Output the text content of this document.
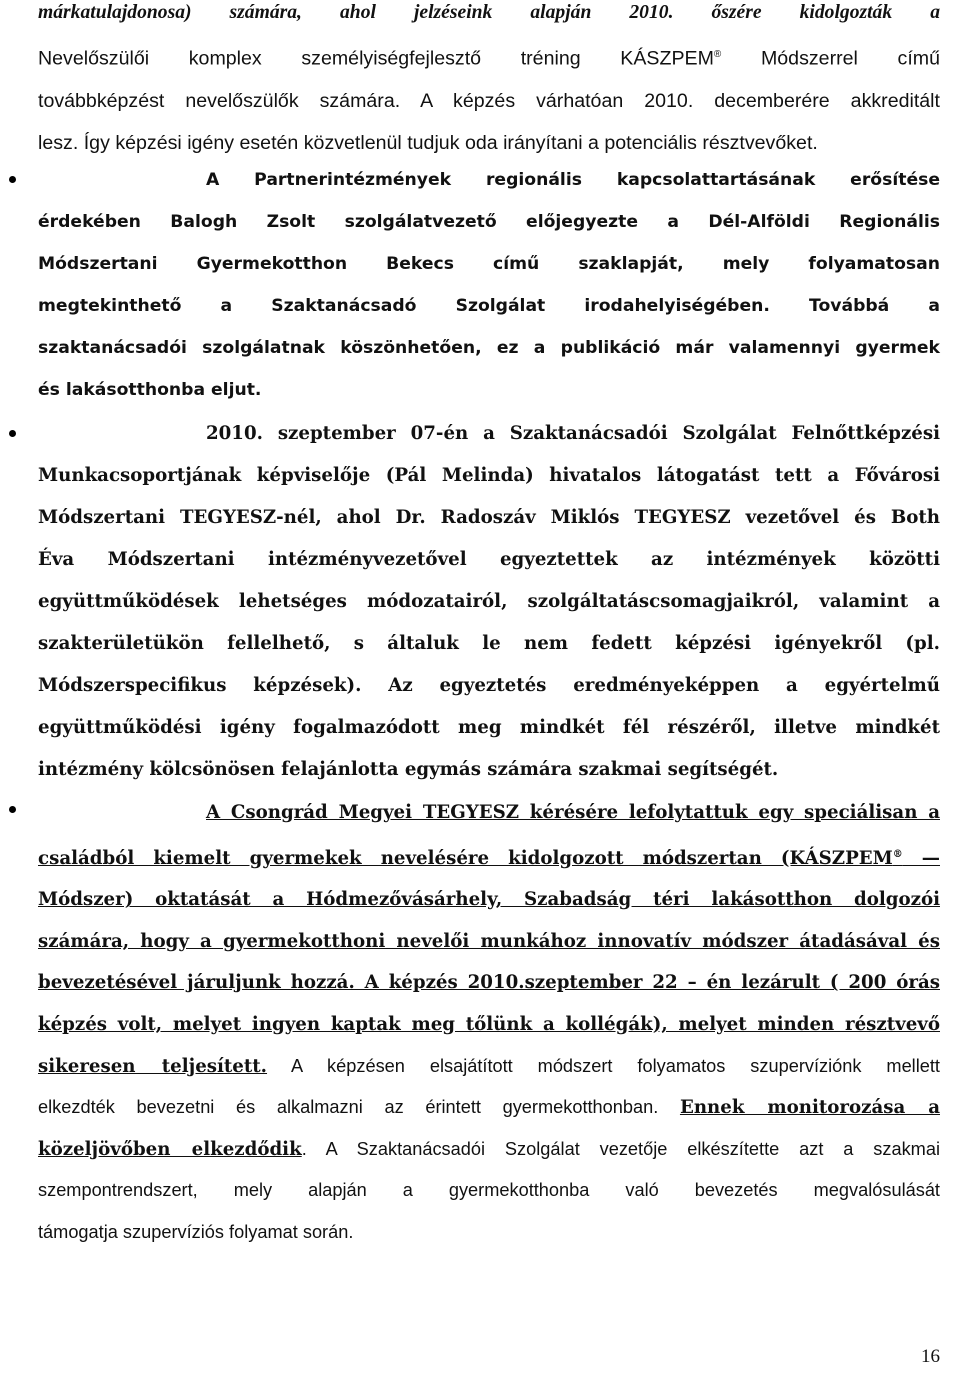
márkatulajdonosa) számára, ahol jelzéseink alapján 2010. őszére kidolgozták a
Nevelőszülői komplex személyiségfejlesztő tréning KÁSZPEM® Módszerrel című
továbbképzést nevelőszülők számára. A képzés várhatóan 2010. decemberére akkreditált
lesz. Így képzési igény esetén közvetlenül tudjuk oda irányítani a potenciális résztvevőket.
A Partnerintézmények regionális kapcsolattartásának erősítése
érdekében Balogh Zsolt szolgálatvezető előjegyezte a Dél-Alföldi Regionális
Módszertani Gyermekotthon Bekecs című szaklapját, mely folyamatosan
megtekinthető a Szaktanácsadó Szolgálat irodahelyiségében. Továbbá a
szaktanácsadói szolgálatnak köszönhetően, ez a publikáció már valamennyi gyermek
és lakásotthonba eljut.
2010. szeptember 07-én a Szaktanácsadói Szolgálat Felnőttképzési
Munkacsoportjának képviselője (Pál Melinda) hivatalos látogatást tett a Fővárosi
Módszertani TEGYESZ-nél, ahol Dr. Radoszáv Miklós TEGYESZ vezetővel és Both
Éva Módszertani intézményvezetővel egyeztettek az intézmények közötti
együttműködések lehetséges módozatairól, szolgáltatáscsomagjaikról, valamint a
szakterületükön fellelhető, s általuk le nem fedett képzési igényekről (pl.
Módszerspecifikus képzések). Az egyeztetés eredményeképpen a egyértelmű
együttműködési igény fogalmazódott meg mindkét fél részéről, illetve mindkét
intézmény kölcsönösen felajánlotta egymás számára szakmai segítségét.
A Csongrád Megyei TEGYESZ kérésére lefolytattuk egy speciálisan a
családból kiemelt gyermekek nevelésére kidolgozott módszertan (KÁSZPEM® —
Módszer) oktatását a Hódmezővásárhely, Szabadság téri lakásotthon dolgozói
számára, hogy a gyermekotthoni nevelői munkához innovatív módszer átadásával és
bevezetésével járuljunk hozzá. A képzés 2010.szeptember 22 – én lezárult ( 200 órás
képzés volt, melyet ingyen kaptak meg tőlünk a kollégák), melyet minden résztvevő
sikeresen teljesített. A képzésen elsajátított módszert folyamatos szupervíziónk mellett
elkezdték bevezetni és alkalmazni az érintett gyermekotthonban. Ennek monitorozása a
közeljövőben elkezdődik. A Szaktanácsadói Szolgálat vezetője elkészítette azt a szakmai
szempontrendszert, mely alapján a gyermekotthonba való bevezetés megvalósulását
támogatja szupervíziós folyamat során.
16
